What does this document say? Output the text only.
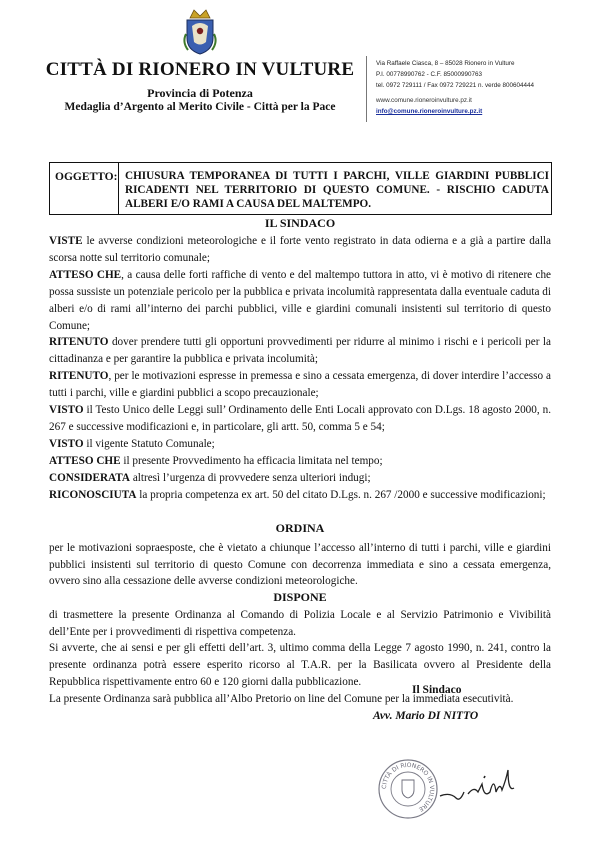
CITTÀ DI RIONERO IN VULTURE
Provincia di Potenza
Medaglia d’Argento al Merito Civile - Città per la Pace
Via Raffaele Ciasca, 8 – 85028 Rionero in Vulture
P.I. 00778990762 - C.F. 85000990763
tel. 0972 729111 / Fax 0972 729221 n. verde 800604444
www.comune.rioneroinvulture.pz.it
info@comune.rioneroinvulture.pz.it
OGGETTO: CHIUSURA TEMPORANEA DI TUTTI I PARCHI, VILLE GIARDINI PUBBLICI RICADENTI NEL TERRITORIO DI QUESTO COMUNE. - RISCHIO CADUTA ALBERI E/O RAMI A CAUSA DEL MALTEMPO.
IL SINDACO

VISTE le avverse condizioni meteorologiche e il forte vento registrato in data odierna e a già a partire dalla scorsa notte sul territorio comunale;

ATTESO CHE, a causa delle forti raffiche di vento e del maltempo tuttora in atto, vi è motivo di ritenere che possa sussiste un potenziale pericolo per la pubblica e privata incolumità rappresentata dalla eventuale caduta di alberi e/o di rami all’interno dei parchi pubblici, ville e giardini comunali insistenti sul territorio di questo Comune;

RITENUTO dover prendere tutti gli opportuni provvedimenti per ridurre al minimo i rischi e i pericoli per la cittadinanza e per garantire la pubblica e privata incolumità;

RITENUTO, per le motivazioni espresse in premessa e sino a cessata emergenza, di dover interdire l’accesso a tutti i parchi, ville e giardini pubblici a scopo precauzionale;

VISTO il Testo Unico delle Leggi sull’ Ordinamento delle Enti Locali approvato con D.Lgs. 18 agosto 2000, n. 267 e successive modificazioni e, in particolare, gli artt. 50, comma 5 e 54;

VISTO il vigente Statuto Comunale;

ATTESO CHE il presente Provvedimento ha efficacia limitata nel tempo;

CONSIDERATA altresì l’urgenza di provvedere senza ulteriori indugi;

RICONOSCIUTA la propria competenza ex art. 50 del citato D.Lgs. n. 267 /2000 e successive modificazioni;

ORDINA
per le motivazioni sopraesposte, che è vietato a chiunque l’accesso all’interno di tutti i parchi, ville e giardini pubblici insistenti sul territorio di questo Comune con decorrenza immediata e sino a cessata emergenza, ovvero sino alla cessazione delle avverse condizioni meteorologiche.
DISPONE

di trasmettere la presente Ordinanza al Comando di Polizia Locale e al Servizio Patrimonio e Vivibilità dell’Ente per i provvedimenti di rispettiva competenza.

Si avverte, che ai sensi e per gli effetti dell’art. 3, ultimo comma della Legge 7 agosto 1990, n. 241, contro la presente ordinanza potrà essere esperito ricorso al T.A.R. per la Basilicata ovvero al Presidente della Repubblica rispettivamente entro 60 e 120 giorni dalla pubblicazione.

La presente Ordinanza sarà pubblica all’Albo Pretorio on line del Comune per la immediata esecutività.

Il Sindaco
Avv. Mario DI NITTO
CITTÀ DI RIONERO IN VULTURE
